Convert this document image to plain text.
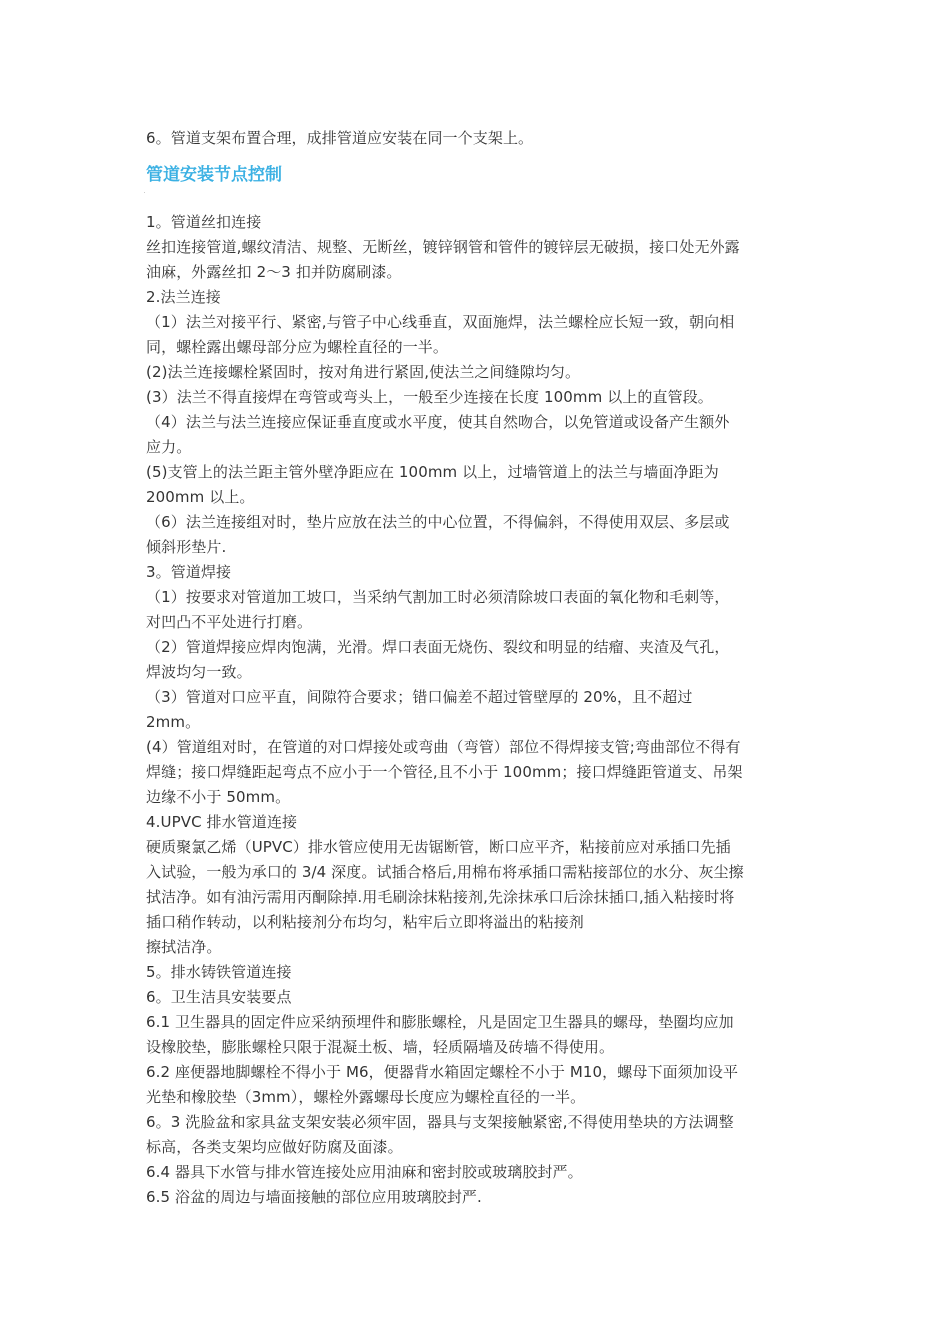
6。管道支架布置合理，成排管道应安装在同一个支架上。
管道安装节点控制
1。管道丝扣连接
丝扣连接管道,螺纹清洁、规整、无断丝，镀锌钢管和管件的镀锌层无破损，接口处无外露
油麻，外露丝扣 2～3 扣并防腐刷漆。
2.法兰连接
（1）法兰对接平行、紧密,与管子中心线垂直，双面施焊，法兰螺栓应长短一致，朝向相
同，螺栓露出螺母部分应为螺栓直径的一半。
(2)法兰连接螺栓紧固时，按对角进行紧固,使法兰之间缝隙均匀。
(3）法兰不得直接焊在弯管或弯头上，一般至少连接在长度 100mm 以上的直管段。
（4）法兰与法兰连接应保证垂直度或水平度，使其自然吻合，以免管道或设备产生额外
应力。
(5)支管上的法兰距主管外壁净距应在 100mm 以上，过墙管道上的法兰与墙面净距为
200mm 以上。
（6）法兰连接组对时，垫片应放在法兰的中心位置，不得偏斜，不得使用双层、多层或
倾斜形垫片.
3。管道焊接
（1）按要求对管道加工坡口，当采纳气割加工时必须清除坡口表面的氧化物和毛刺等，
对凹凸不平处进行打磨。
（2）管道焊接应焊肉饱满，光滑。焊口表面无烧伤、裂纹和明显的结瘤、夹渣及气孔，
焊波均匀一致。
（3）管道对口应平直，间隙符合要求；错口偏差不超过管壁厚的 20%，且不超过
2mm。
(4）管道组对时，在管道的对口焊接处或弯曲（弯管）部位不得焊接支管;弯曲部位不得有
焊缝；接口焊缝距起弯点不应小于一个管径,且不小于 100mm；接口焊缝距管道支、吊架
边缘不小于 50mm。
4.UPVC 排水管道连接
硬质聚氯乙烯（UPVC）排水管应使用无齿锯断管，断口应平齐，粘接前应对承插口先插
入试验，一般为承口的 3/4 深度。试插合格后,用棉布将承插口需粘接部位的水分、灰尘擦
拭洁净。如有油污需用丙酮除掉.用毛刷涂抹粘接剂,先涂抹承口后涂抹插口,插入粘接时将
插口稍作转动，以利粘接剂分布均匀，粘牢后立即将溢出的粘接剂
擦拭洁净。
5。排水铸铁管道连接
6。卫生洁具安装要点
6.1 卫生器具的固定件应采纳预埋件和膨胀螺栓，凡是固定卫生器具的螺母，垫圈均应加
设橡胶垫，膨胀螺栓只限于混凝土板、墙，轻质隔墙及砖墙不得使用。
6.2 座便器地脚螺栓不得小于 M6，便器背水箱固定螺栓不小于 M10，螺母下面须加设平
光垫和橡胶垫（3mm），螺栓外露螺母长度应为螺栓直径的一半。
6。3 洗脸盆和家具盆支架安装必须牢固，器具与支架接触紧密,不得使用垫块的方法调整
标高，各类支架均应做好防腐及面漆。
6.4 器具下水管与排水管连接处应用油麻和密封胶或玻璃胶封严。
6.5 浴盆的周边与墙面接触的部位应用玻璃胶封严.
